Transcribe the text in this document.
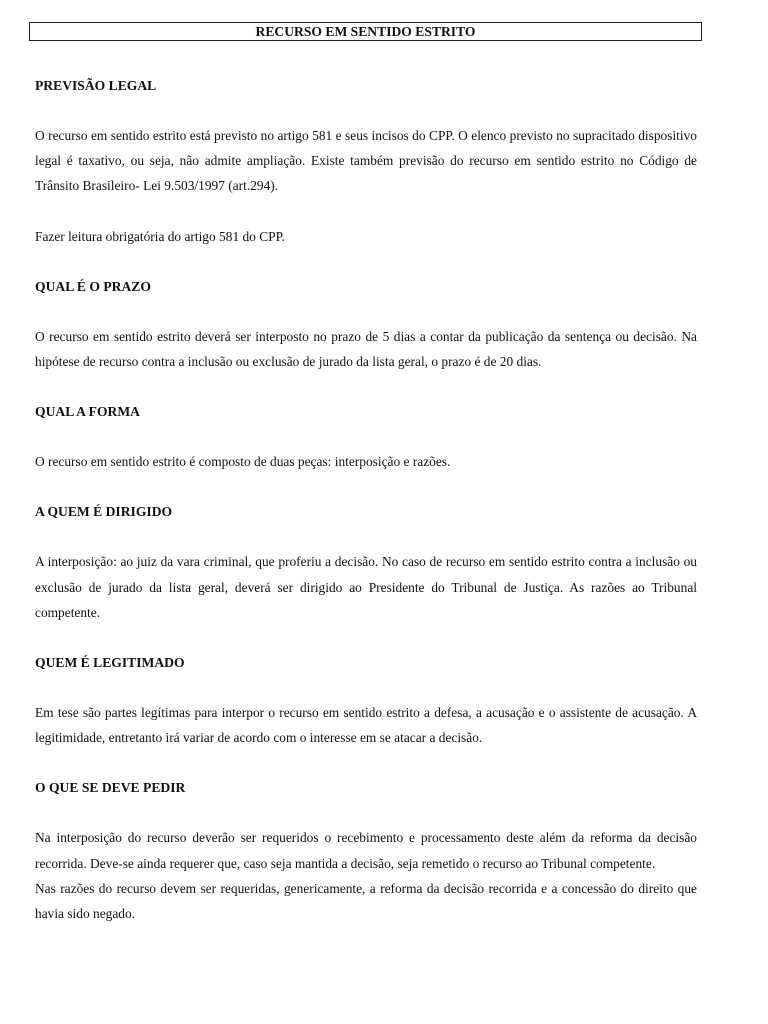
RECURSO EM SENTIDO ESTRITO
PREVISÃO LEGAL

O recurso em sentido estrito está previsto no artigo 581 e seus incisos do CPP. O elenco previsto no supracitado dispositivo legal é taxativo, ou seja, não admite ampliação. Existe também previsão do recurso em sentido estrito no Código de Trânsito Brasileiro- Lei 9.503/1997 (art.294).

Fazer leitura obrigatória do artigo 581 do CPP.

QUAL É O PRAZO

O recurso em sentido estrito deverá ser interposto no prazo de 5 dias a contar da publicação da sentença ou decisão. Na hipótese de recurso contra a inclusão ou exclusão de jurado da lista geral, o prazo é de 20 dias.

QUAL A FORMA

O recurso em sentido estrito é composto de duas peças: interposição e razões.

A QUEM É DIRIGIDO

A interposição: ao juiz da vara criminal, que proferiu a decisão. No caso de recurso em sentido estrito contra a inclusão ou exclusão de jurado da lista geral, deverá ser dirigido ao Presidente do Tribunal de Justiça. As razões ao Tribunal competente.

QUEM É LEGITIMADO

Em tese são partes legítimas para interpor o recurso em sentido estrito a defesa, a acusação e o assistente de acusação. A legitimidade, entretanto irá variar de acordo com o interesse em se atacar a decisão.

O QUE SE DEVE PEDIR

Na interposição do recurso deverão ser requeridos o recebimento e processamento deste além da reforma da decisão recorrida. Deve-se ainda requerer que, caso seja mantida a decisão, seja remetido o recurso ao Tribunal competente.

Nas razões do recurso devem ser requeridas, genericamente, a reforma da decisão recorrida e a concessão do direito que havia sido negado.
